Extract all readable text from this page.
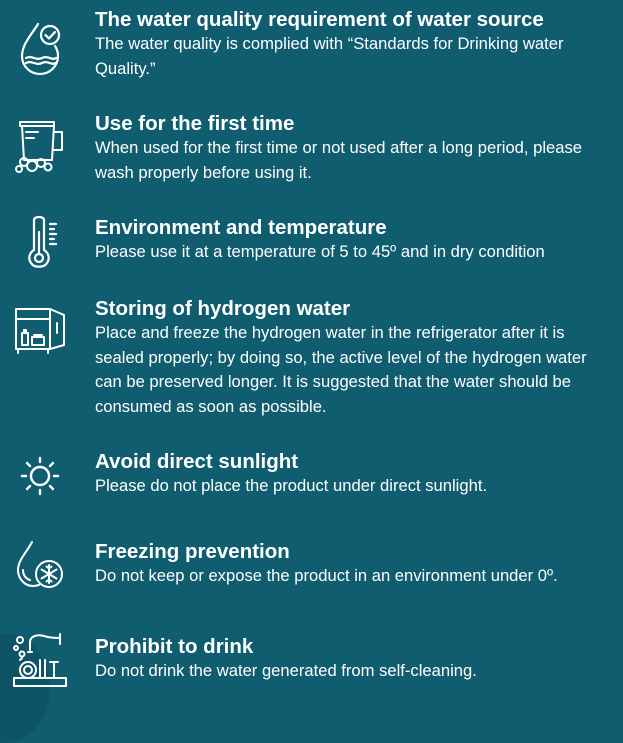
The water quality requirement of water source

The water quality is complied with “Standards for Drinking water Quality.”

Use for the first time

When used for the first time or not used after a long period, please wash properly before using it.

Environment and temperature

Please use it at a temperature of 5 to 45º and in dry condition

Storing of hydrogen water

Place and freeze the hydrogen water in the refrigerator after it is sealed properly; by doing so, the active level of the hydrogen water can be preserved longer. It is suggested that the water should be consumed as soon as possible.

Avoid direct sunlight

Please do not place the product under direct sunlight.

Freezing prevention

Do not keep or expose the product in an environment under 0º.

Prohibit to drink

Do not drink the water generated from self-cleaning.
